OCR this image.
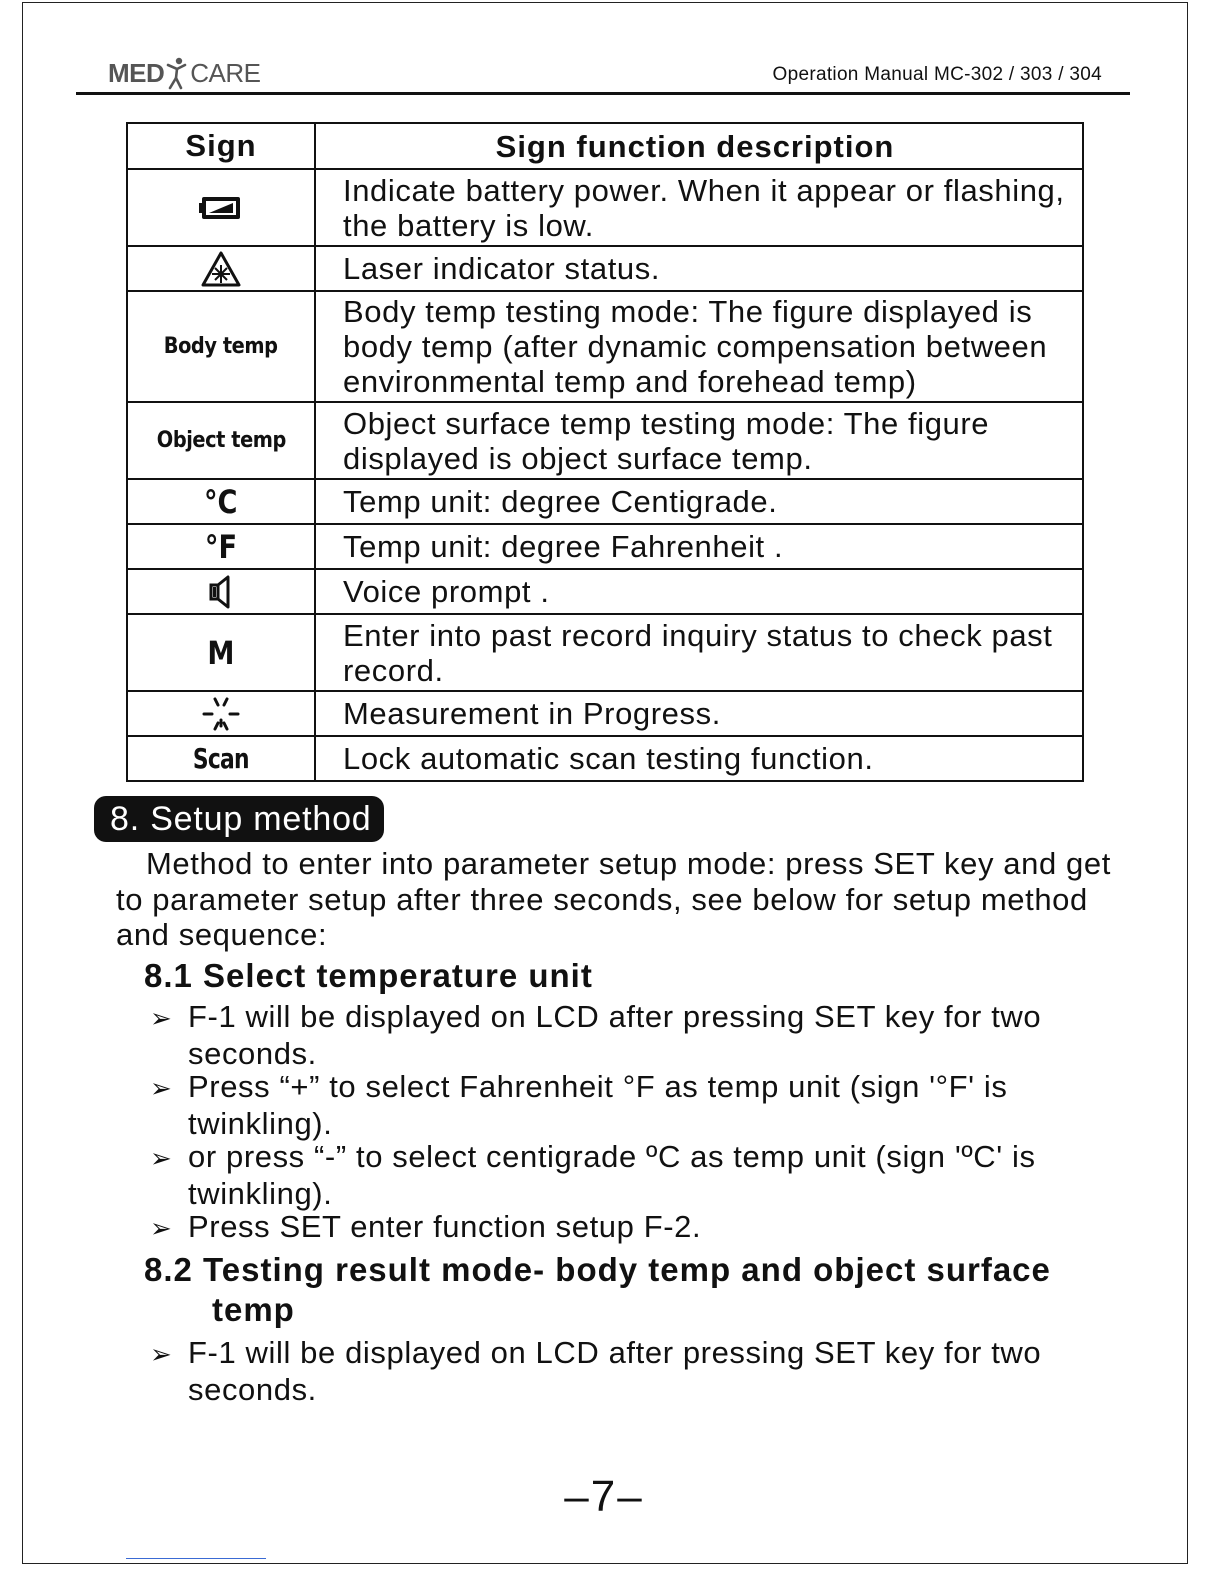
MED CARE	Operation Manual MC-302 / 303 / 304
Sign	Sign function description
	Indicate battery power. When it appear or flashing, the battery is low.
	Laser indicator status.
Body temp	Body temp testing mode: The figure displayed is body temp (after dynamic compensation between environmental temp and forehead temp)
Object temp	Object surface temp testing mode: The figure displayed is object surface temp.
°C	Temp unit: degree Centigrade.
°F	Temp unit: degree Fahrenheit .
	Voice prompt .
M	Enter into past record inquiry status to check past record.
	Measurement in Progress.
Scan	Lock automatic scan testing function.
8. Setup method

Method to enter into parameter setup mode: press SET key and get to parameter setup after three seconds, see below for setup method and sequence:

8.1 Select temperature unit

➢ F-1 will be displayed on LCD after pressing SET key for two seconds.

➢ Press “+” to select Fahrenheit °F as temp unit (sign '°F' is twinkling).

➢ or press “-” to select centigrade ºC as temp unit (sign 'ºC' is twinkling).

➢ Press SET enter function setup F-2.

8.2 Testing result mode- body temp and object surface
temp

➢ F-1 will be displayed on LCD after pressing SET key for two seconds.

–7–
